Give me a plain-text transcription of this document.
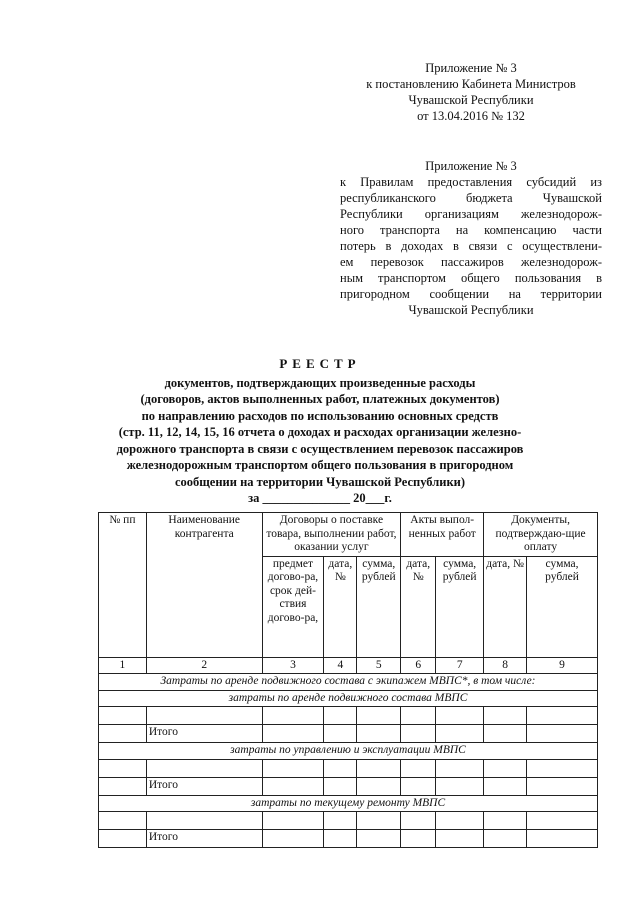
Приложение № 3
к постановлению Кабинета Министров
Чувашской Республики
от 13.04.2016 № 132
Приложение № 3
к Правилам предоставления субсидий из
республиканского бюджета Чувашской
Республики организациям железнодорож-
ного транспорта на компенсацию части
потерь в доходах в связи с осуществлени-
ем перевозок пассажиров железнодорож-
ным транспортом общего пользования в
пригородном сообщении на территории
Чувашской Республики
РЕЕСТР
документов, подтверждающих произведенные расходы
(договоров, актов выполненных работ, платежных документов)
по направлению расходов по использованию основных средств
(стр. 11, 12, 14, 15, 16 отчета о доходах и расходах организации железно-
дорожного транспорта в связи с осуществлением перевозок пассажиров
железнодорожным транспортом общего пользования в пригородном
сообщении на территории Чувашской Республики)
за ______________ 20___г.
№ пп	Наименование контрагента	Договоры о поставке товара, выполнении работ, оказании услуг			Акты выпол-ненных работ		Документы, подтверждаю-щие оплату	
		предмет догово-ра, срок дей-ствия догово-ра,	дата, №	сумма, рублей	дата, №	сумма, рублей	дата, №	сумма, рублей
1	2	3	4	5	6	7	8	9
Затраты по аренде подвижного состава с экипажем МВПС*, в том числе:								
затраты по аренде подвижного состава МВПС								

	Итого							
затраты по управлению и эксплуатации МВПС								

	Итого							
затраты по текущему ремонту МВПС								

	Итого							
